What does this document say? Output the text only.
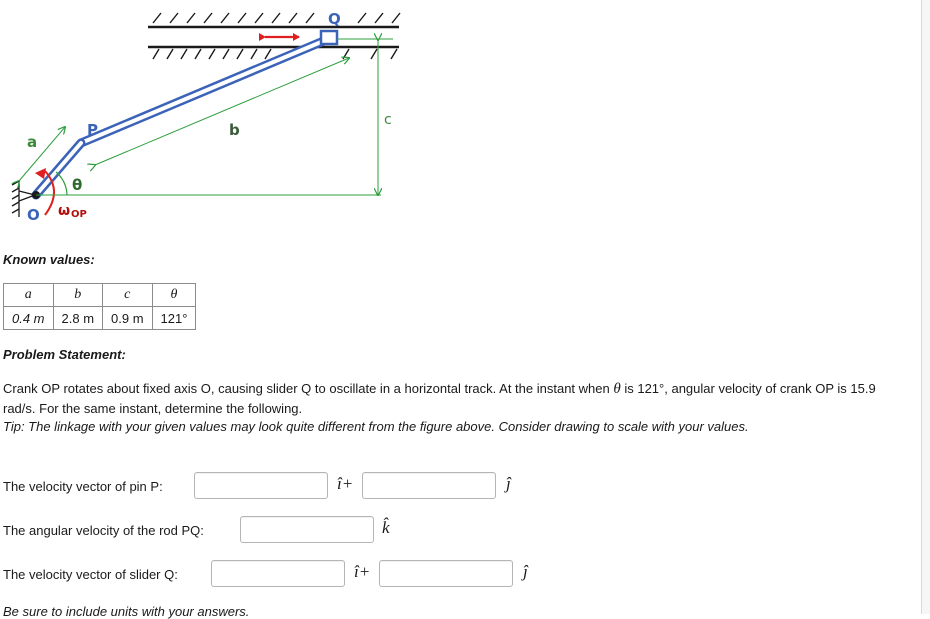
a
P
Q
O
b
c
θ
ω OP
Known values:
a	b	c	θ
0.4 m	2.8 m	0.9 m	121°
Problem Statement:
Crank OP rotates about fixed axis O, causing slider Q to oscillate in a horizontal track. At the instant when θ is 121°, angular velocity of crank OP is 15.9 rad/s. For the same instant, determine the following.
Tip: The linkage with your given values may look quite different from the figure above. Consider drawing to scale with your values.
The velocity vector of pin P:	î+	ĵ
The angular velocity of the rod PQ:	k̂
The velocity vector of slider Q:	î+	ĵ
Be sure to include units with your answers.
